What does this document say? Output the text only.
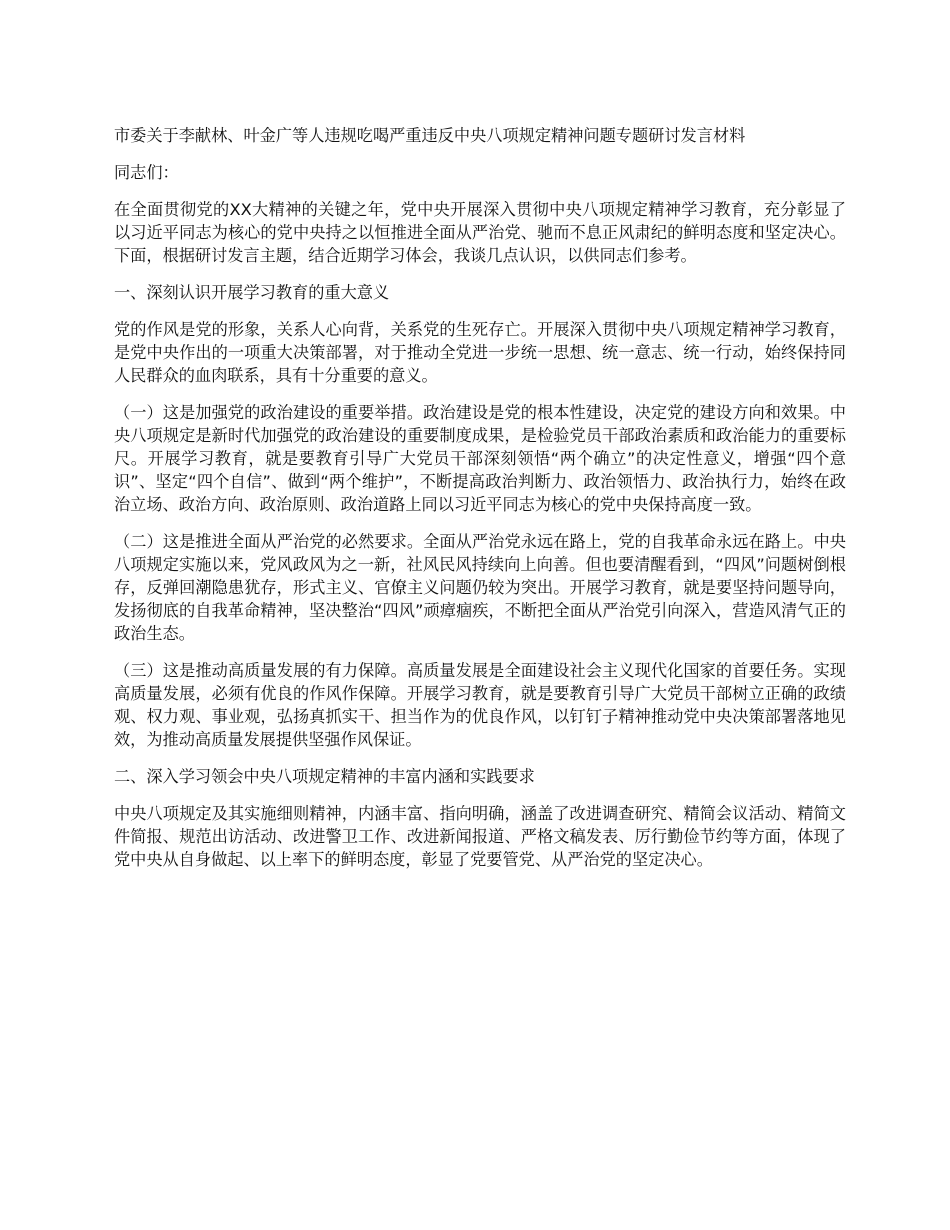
市委关于李献林、叶金广等人违规吃喝严重违反中央八项规定精神问题专题研讨发言材料

同志们：

在全面贯彻党的XX大精神的关键之年，党中央开展深入贯彻中央八项规定精神学习教育，充分彰显了以习近平同志为核心的党中央持之以恒推进全面从严治党、驰而不息正风肃纪的鲜明态度和坚定决心。下面，根据研讨发言主题，结合近期学习体会，我谈几点认识，以供同志们参考。

一、深刻认识开展学习教育的重大意义

党的作风是党的形象，关系人心向背，关系党的生死存亡。开展深入贯彻中央八项规定精神学习教育，是党中央作出的一项重大决策部署，对于推动全党进一步统一思想、统一意志、统一行动，始终保持同人民群众的血肉联系，具有十分重要的意义。

（一）这是加强党的政治建设的重要举措。政治建设是党的根本性建设，决定党的建设方向和效果。中央八项规定是新时代加强党的政治建设的重要制度成果，是检验党员干部政治素质和政治能力的重要标尺。开展学习教育，就是要教育引导广大党员干部深刻领悟“两个确立”的决定性意义，增强“四个意识”、坚定“四个自信”、做到“两个维护”，不断提高政治判断力、政治领悟力、政治执行力，始终在政治立场、政治方向、政治原则、政治道路上同以习近平同志为核心的党中央保持高度一致。

（二）这是推进全面从严治党的必然要求。全面从严治党永远在路上，党的自我革命永远在路上。中央八项规定实施以来，党风政风为之一新，社风民风持续向上向善。但也要清醒看到，“四风”问题树倒根存，反弹回潮隐患犹存，形式主义、官僚主义问题仍较为突出。开展学习教育，就是要坚持问题导向，发扬彻底的自我革命精神，坚决整治“四风”顽瘴痼疾，不断把全面从严治党引向深入，营造风清气正的政治生态。

（三）这是推动高质量发展的有力保障。高质量发展是全面建设社会主义现代化国家的首要任务。实现高质量发展，必须有优良的作风作保障。开展学习教育，就是要教育引导广大党员干部树立正确的政绩观、权力观、事业观，弘扬真抓实干、担当作为的优良作风，以钉钉子精神推动党中央决策部署落地见效，为推动高质量发展提供坚强作风保证。

二、深入学习领会中央八项规定精神的丰富内涵和实践要求

中央八项规定及其实施细则精神，内涵丰富、指向明确，涵盖了改进调查研究、精简会议活动、精简文件简报、规范出访活动、改进警卫工作、改进新闻报道、严格文稿发表、厉行勤俭节约等方面，体现了党中央从自身做起、以上率下的鲜明态度，彰显了党要管党、从严治党的坚定决心。
